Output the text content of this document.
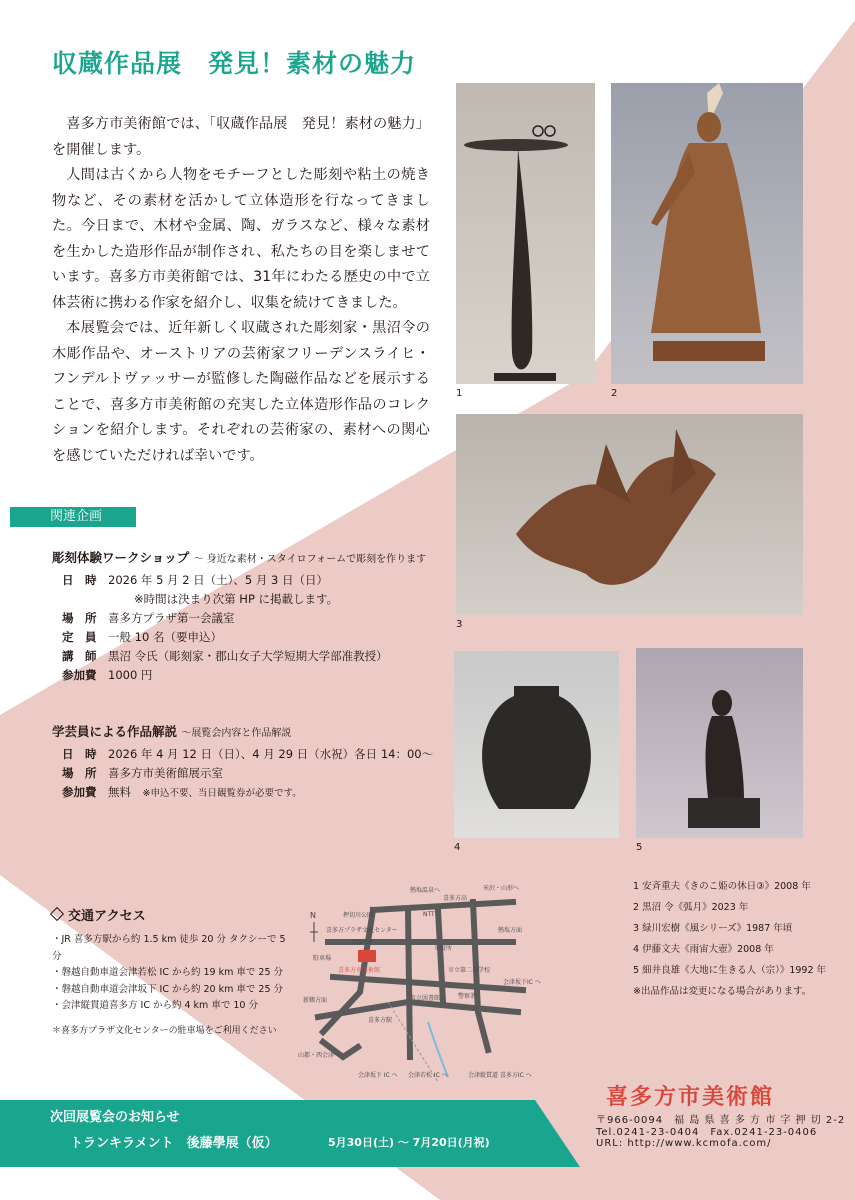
収蔵作品展　発見！素材の魅力

喜多方市美術館では、「収蔵作品展　発見！素材の魅力」を開催します。

人間は古くから人物をモチーフとした彫刻や粘土の焼き物など、その素材を活かして立体造形を行なってきました。今日まで、木材や金属、陶、ガラスなど、様々な素材を生かした造形作品が制作され、私たちの目を楽しませています。喜多方市美術館では、31年にわたる歴史の中で立体芸術に携わる作家を紹介し、収集を続けてきました。

本展覧会では、近年新しく収蔵された彫刻家・黒沼令の木彫作品や、オーストリアの芸術家フリーデンスライヒ・フンデルトヴァッサーが監修した陶磁作品などを展示することで、喜多方市美術館の充実した立体造形作品のコレクションを紹介します。それぞれの芸術家の、素材への関心を感じていただければ幸いです。

関連企画
彫刻体験ワークショップ ～ 身近な素材・スタイロフォームで彫刻を作ります
日　時	2026 年 5 月 2 日（土）、5 月 3 日（日）
※時間は決まり次第 HP に掲載します。
場　所	喜多方プラザ第一会議室
定　員	一般 10 名（要申込）
講　師	黒沼 令氏（彫刻家・郡山女子大学短期大学部准教授）
参加費	1000 円
学芸員による作品解説 ～展覧会内容と作品解説
日　時	2026 年 4 月 12 日（日）、4 月 29 日（水祝）各日 14：00～
場　所	喜多方市美術館展示室
参加費	無料　 ※申込不要、当日観覧券が必要です。
交通アクセス
・JR 喜多方駅から約 1.5 km 徒歩 20 分 タクシーで 5 分
・磐越自動車道会津若松 IC から約 19 km 車で 25 分
・磐越自動車道会津坂下 IC から約 20 km 車で 25 分
・会津縦貫道喜多方 IC から約 4 km 車で 10 分
＊喜多方プラザ文化センターの駐車場をご利用ください
熱塩温泉へ	米沢・山形へ
喜多方高
NTT
市役所
市立第二小学校
市立図書館	警察署
CO-OP
喜多方市美術館
喜多方プラザ文化センター
駐車場
喜多方駅
N
熱塩方面
会津坂下IC へ
会津坂下 IC へ 会津若松 IC へ	会津縦貫道 喜多方IC へ
山都・西会津へ
押切川公園
新鶴方面
1	2
3
4	5
1 安斉重夫《きのこ姫の休日③》2008 年
2 黒沼 令《弧月》2023 年
3 緑川宏樹《風シリーズ》1987 年頃
4 伊藤文夫《雨宙大壺》2008 年
5 細井良雄《大地に生きる人（宗）》1992 年
※出品作品は変更になる場合があります。
喜多方市美術館
〒966-0094　福 島 県 喜 多 方 市 字 押 切 2-2
Tel.0241-23-0404　Fax.0241-23-0406
URL: http://www.kcmofa.com/
次回展覧会のお知らせ
トランキラメント　後藤學展（仮）	5月30日(土) ～ 7月20日(月祝)
